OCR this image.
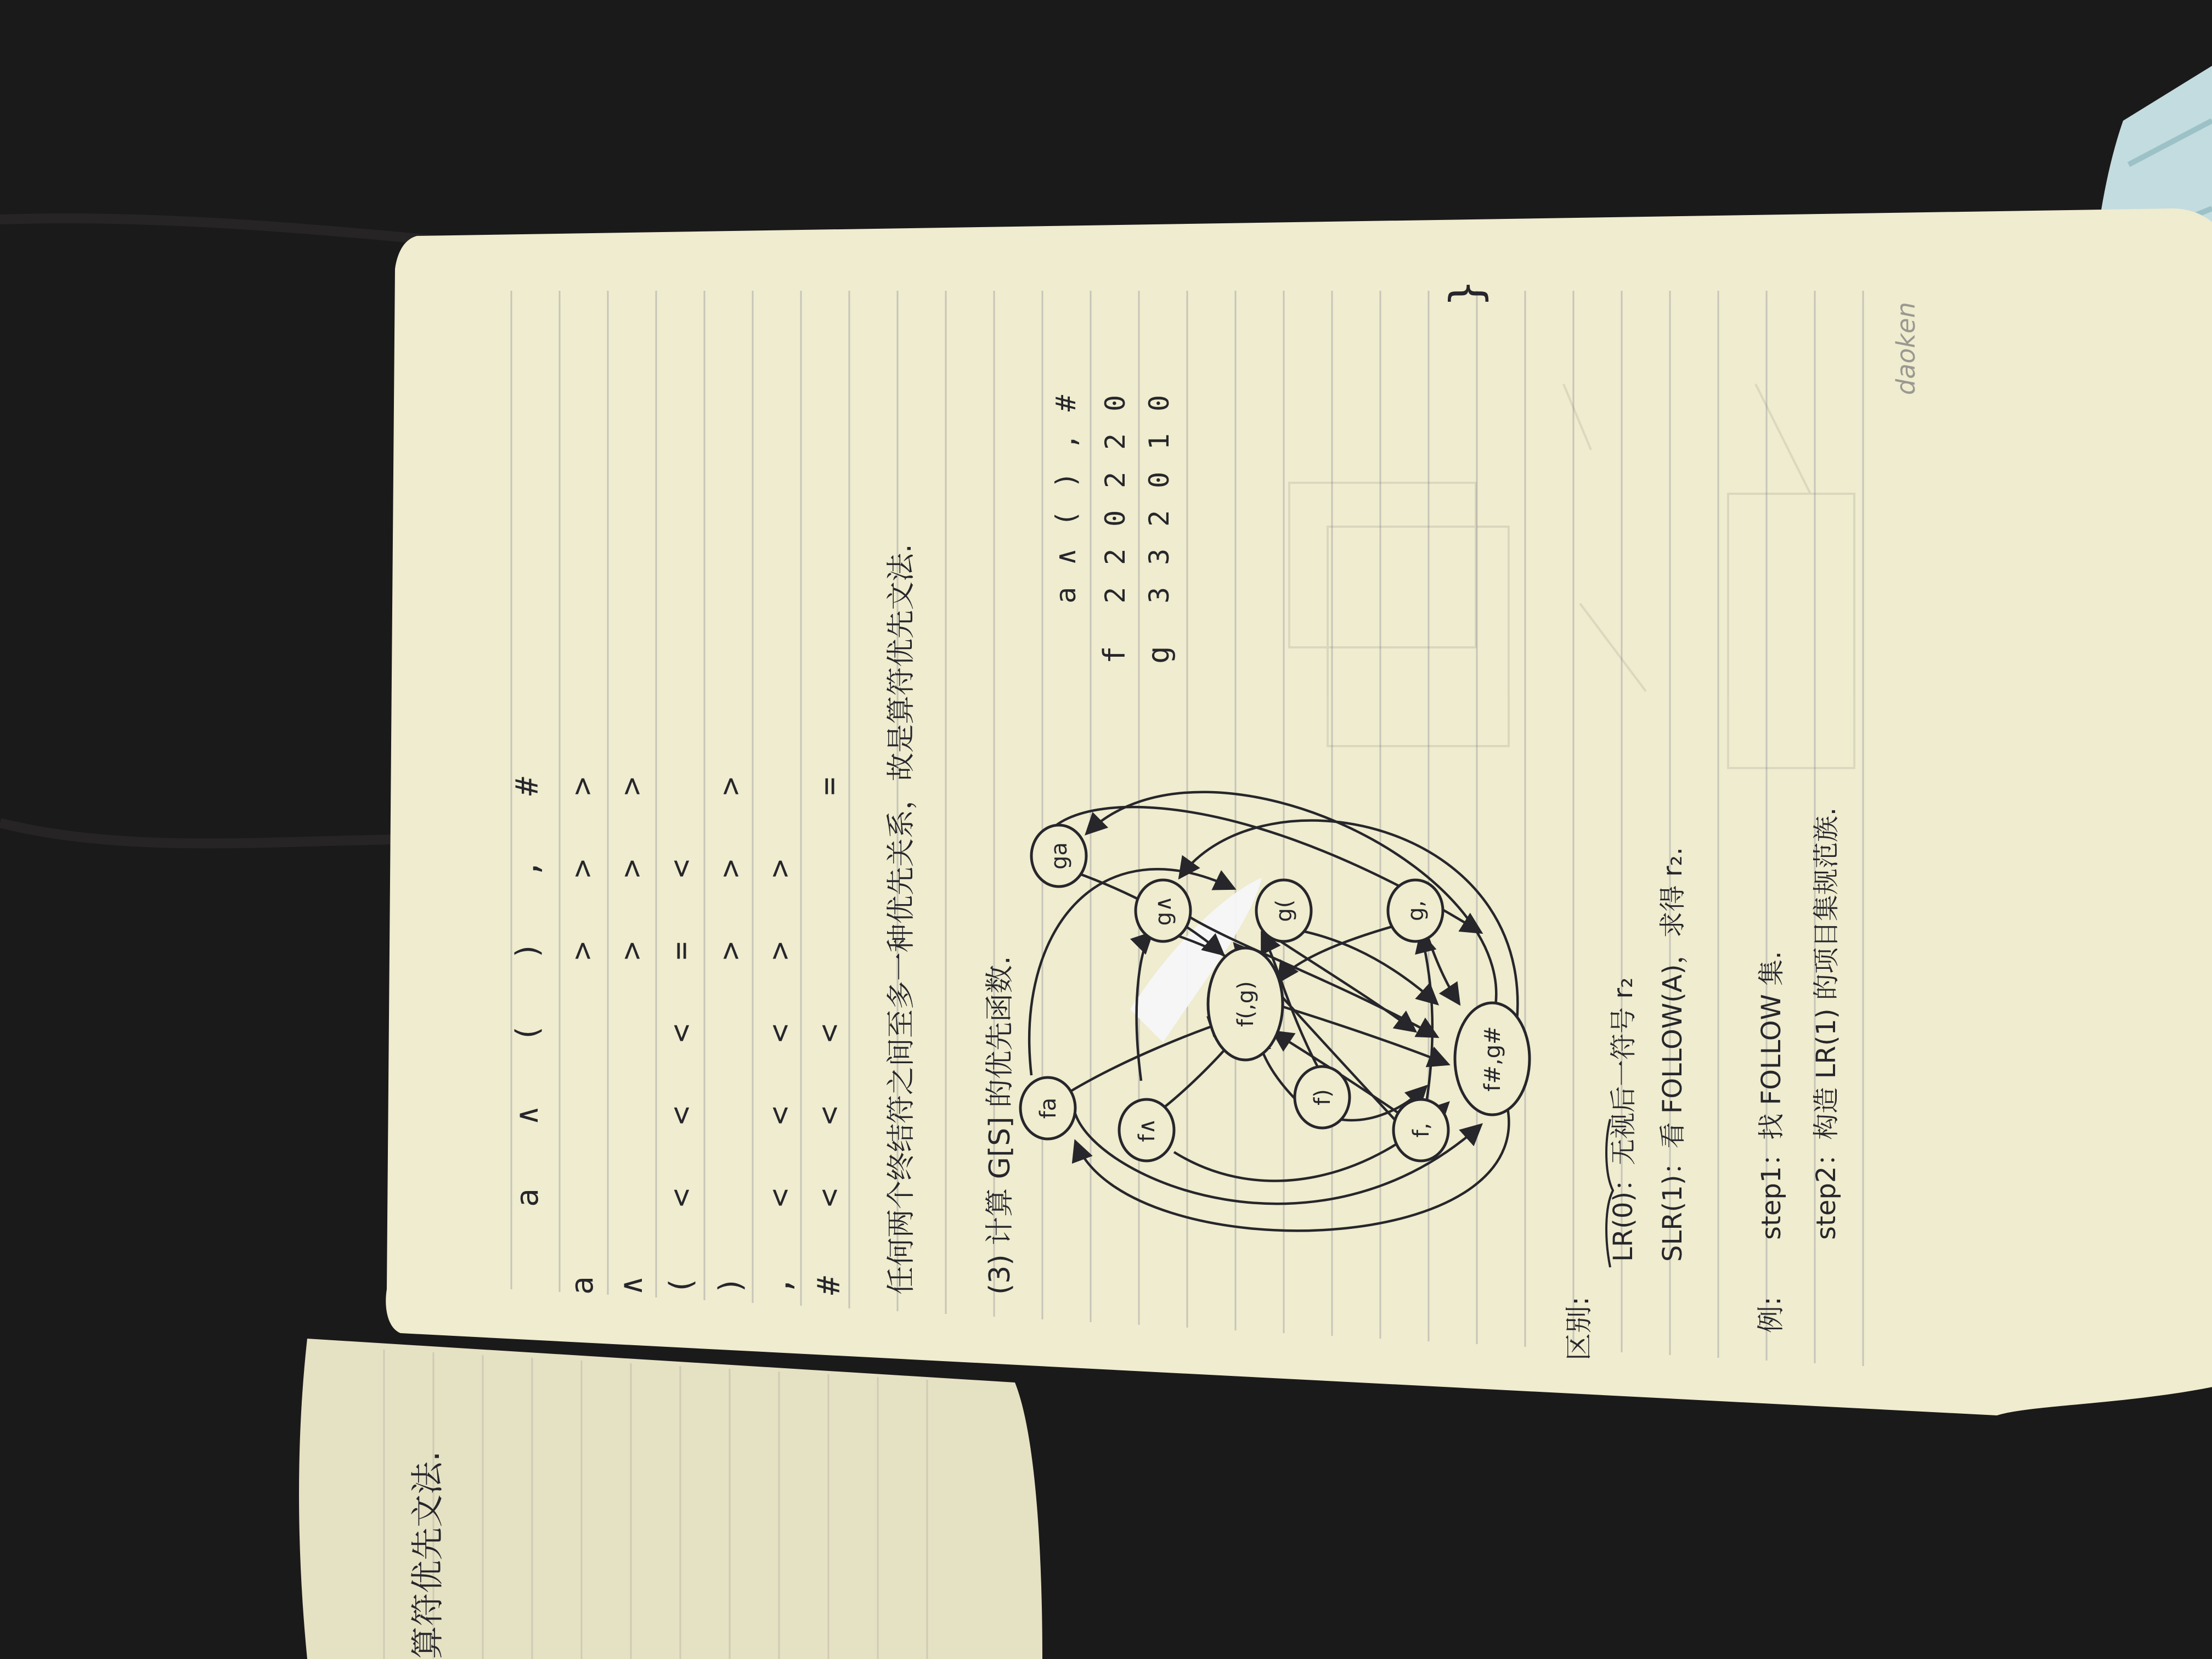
算符优先文法.
daoken
a
∧
(
)
,
#
a
>
>
>
∧
>
>
>
(
<
<
<
=
<
)
>
>
>
,
<
<
<
>
>
#
<
<
<
= 任何两个终结符之间至多一种优先关系，故是算符优先文法. (3) 计算 G[S] 的优先函数.
a
∧
(
)
,
#
f
2
2
0
2
2
0
g
3
3
2
0
1
0
}
fa
f∧
f)
f,
f(,g)
f#,g#
ga
g∧	g(	g,
区别:
LR(0)：无视后一符号 r₂ SLR(1)：看 FOLLOW(A)，求得 r₂.
例:
step1：找 FOLLOW 集. step2：构造 LR(1) 的项目集规范族.
